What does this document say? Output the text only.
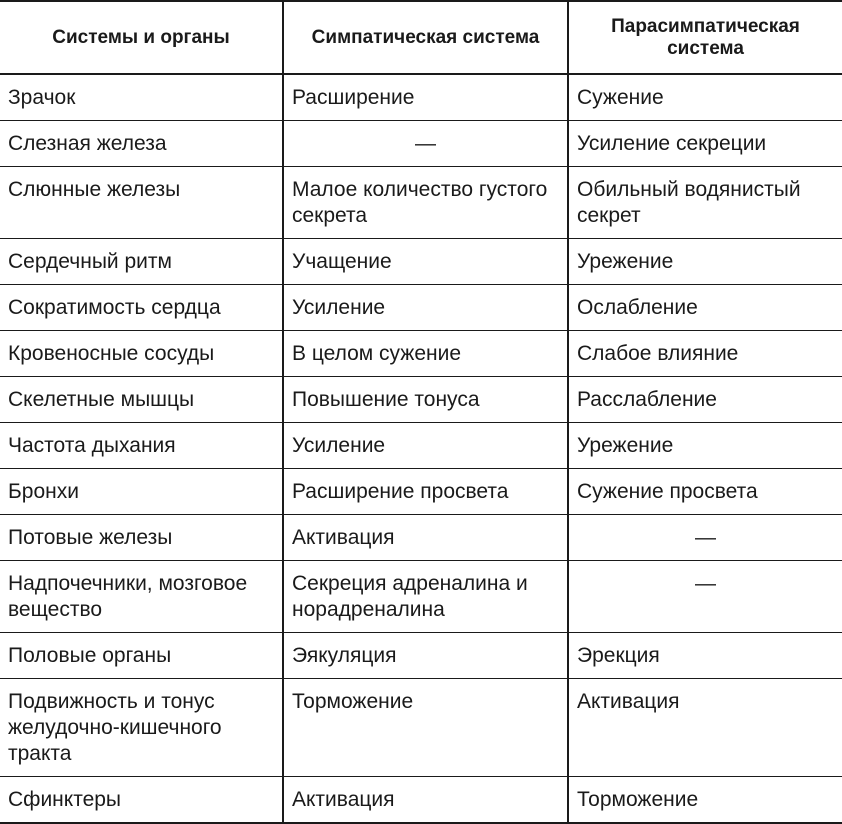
Системы и органы	Симпатическая система	Парасимпатическая система
Зрачок	Расширение	Сужение
Слезная железа	—	Усиление секреции
Слюнные железы	Малое количество густого секрета	Обильный водянистый секрет
Сердечный ритм	Учащение	Урежение
Сократимость сердца	Усиление	Ослабление
Кровеносные сосуды	В целом сужение	Слабое влияние
Скелетные мышцы	Повышение тонуса	Расслабление
Частота дыхания	Усиление	Урежение
Бронхи	Расширение просвета	Сужение просвета
Потовые железы	Активация	—
Надпочечники, мозговое вещество	Секреция адреналина и норадреналина	—
Половые органы	Эякуляция	Эрекция
Подвижность и тонус желудочно-кишечного тракта	Торможение	Активация
Сфинктеры	Активация	Торможение
